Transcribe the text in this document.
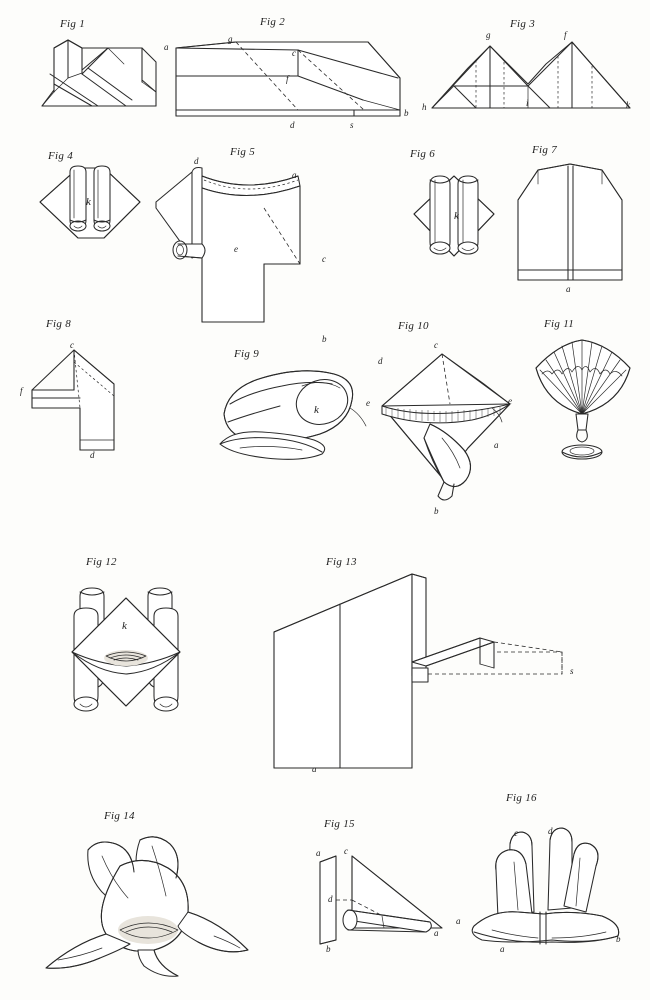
Fig 1	Fig 2
a
g
c
f
d	s
b
Fig 3
g	f
h	i	k
Fig 4
k
Fig 5
d
a
e
c
b
Fig 6
k
Fig 7
a
Fig 8
c
f
d
Fig 9
k
Fig 10
d
c
e	e
a
b
Fig 11
Fig 12
k
Fig 13
a
s
Fig 14
Fig 15
a	c
d
b
a
Fig 16
c	d
a
a
b
